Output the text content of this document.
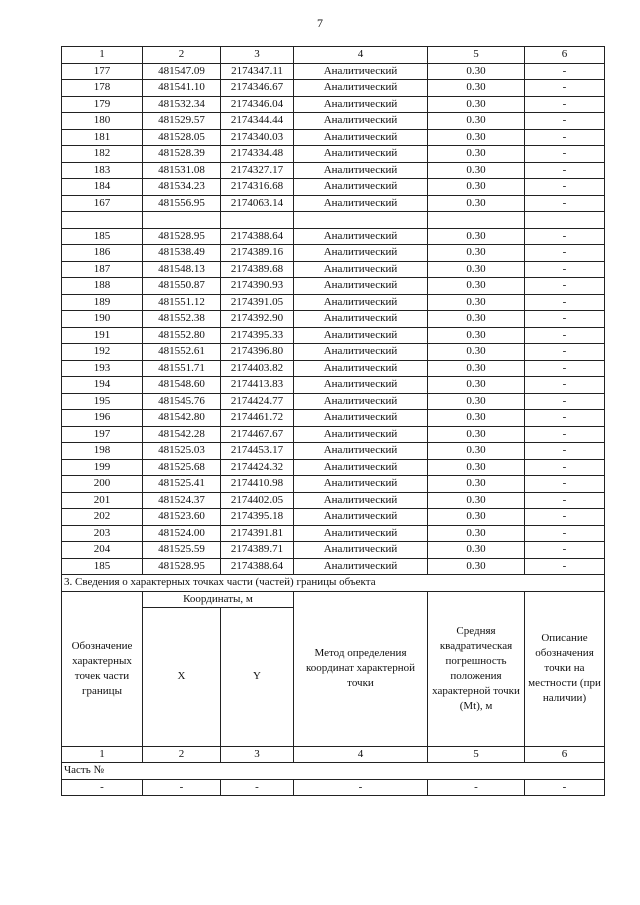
7
1	2	3	4	5	6
177	481547.09	2174347.11	Аналитический	0.30	-
178	481541.10	2174346.67	Аналитический	0.30	-
179	481532.34	2174346.04	Аналитический	0.30	-
180	481529.57	2174344.44	Аналитический	0.30	-
181	481528.05	2174340.03	Аналитический	0.30	-
182	481528.39	2174334.48	Аналитический	0.30	-
183	481531.08	2174327.17	Аналитический	0.30	-
184	481534.23	2174316.68	Аналитический	0.30	-
167	481556.95	2174063.14	Аналитический	0.30	-

185	481528.95	2174388.64	Аналитический	0.30	-
186	481538.49	2174389.16	Аналитический	0.30	-
187	481548.13	2174389.68	Аналитический	0.30	-
188	481550.87	2174390.93	Аналитический	0.30	-
189	481551.12	2174391.05	Аналитический	0.30	-
190	481552.38	2174392.90	Аналитический	0.30	-
191	481552.80	2174395.33	Аналитический	0.30	-
192	481552.61	2174396.80	Аналитический	0.30	-
193	481551.71	2174403.82	Аналитический	0.30	-
194	481548.60	2174413.83	Аналитический	0.30	-
195	481545.76	2174424.77	Аналитический	0.30	-
196	481542.80	2174461.72	Аналитический	0.30	-
197	481542.28	2174467.67	Аналитический	0.30	-
198	481525.03	2174453.17	Аналитический	0.30	-
199	481525.68	2174424.32	Аналитический	0.30	-
200	481525.41	2174410.98	Аналитический	0.30	-
201	481524.37	2174402.05	Аналитический	0.30	-
202	481523.60	2174395.18	Аналитический	0.30	-
203	481524.00	2174391.81	Аналитический	0.30	-
204	481525.59	2174389.71	Аналитический	0.30	-
185	481528.95	2174388.64	Аналитический	0.30	-
3. Сведения о характерных точках части (частей) границы объекта					
Обозначение характерных точек части границы	Координаты, м		Метод определения координат характерной точки	Средняя квадратическая погрешность положения характерной точки (Mt), м	Описание обозначения точки на местности (при наличии)
	X	Y			
1	2	3	4	5	6
Часть №					
-	-	-	-	-	-
